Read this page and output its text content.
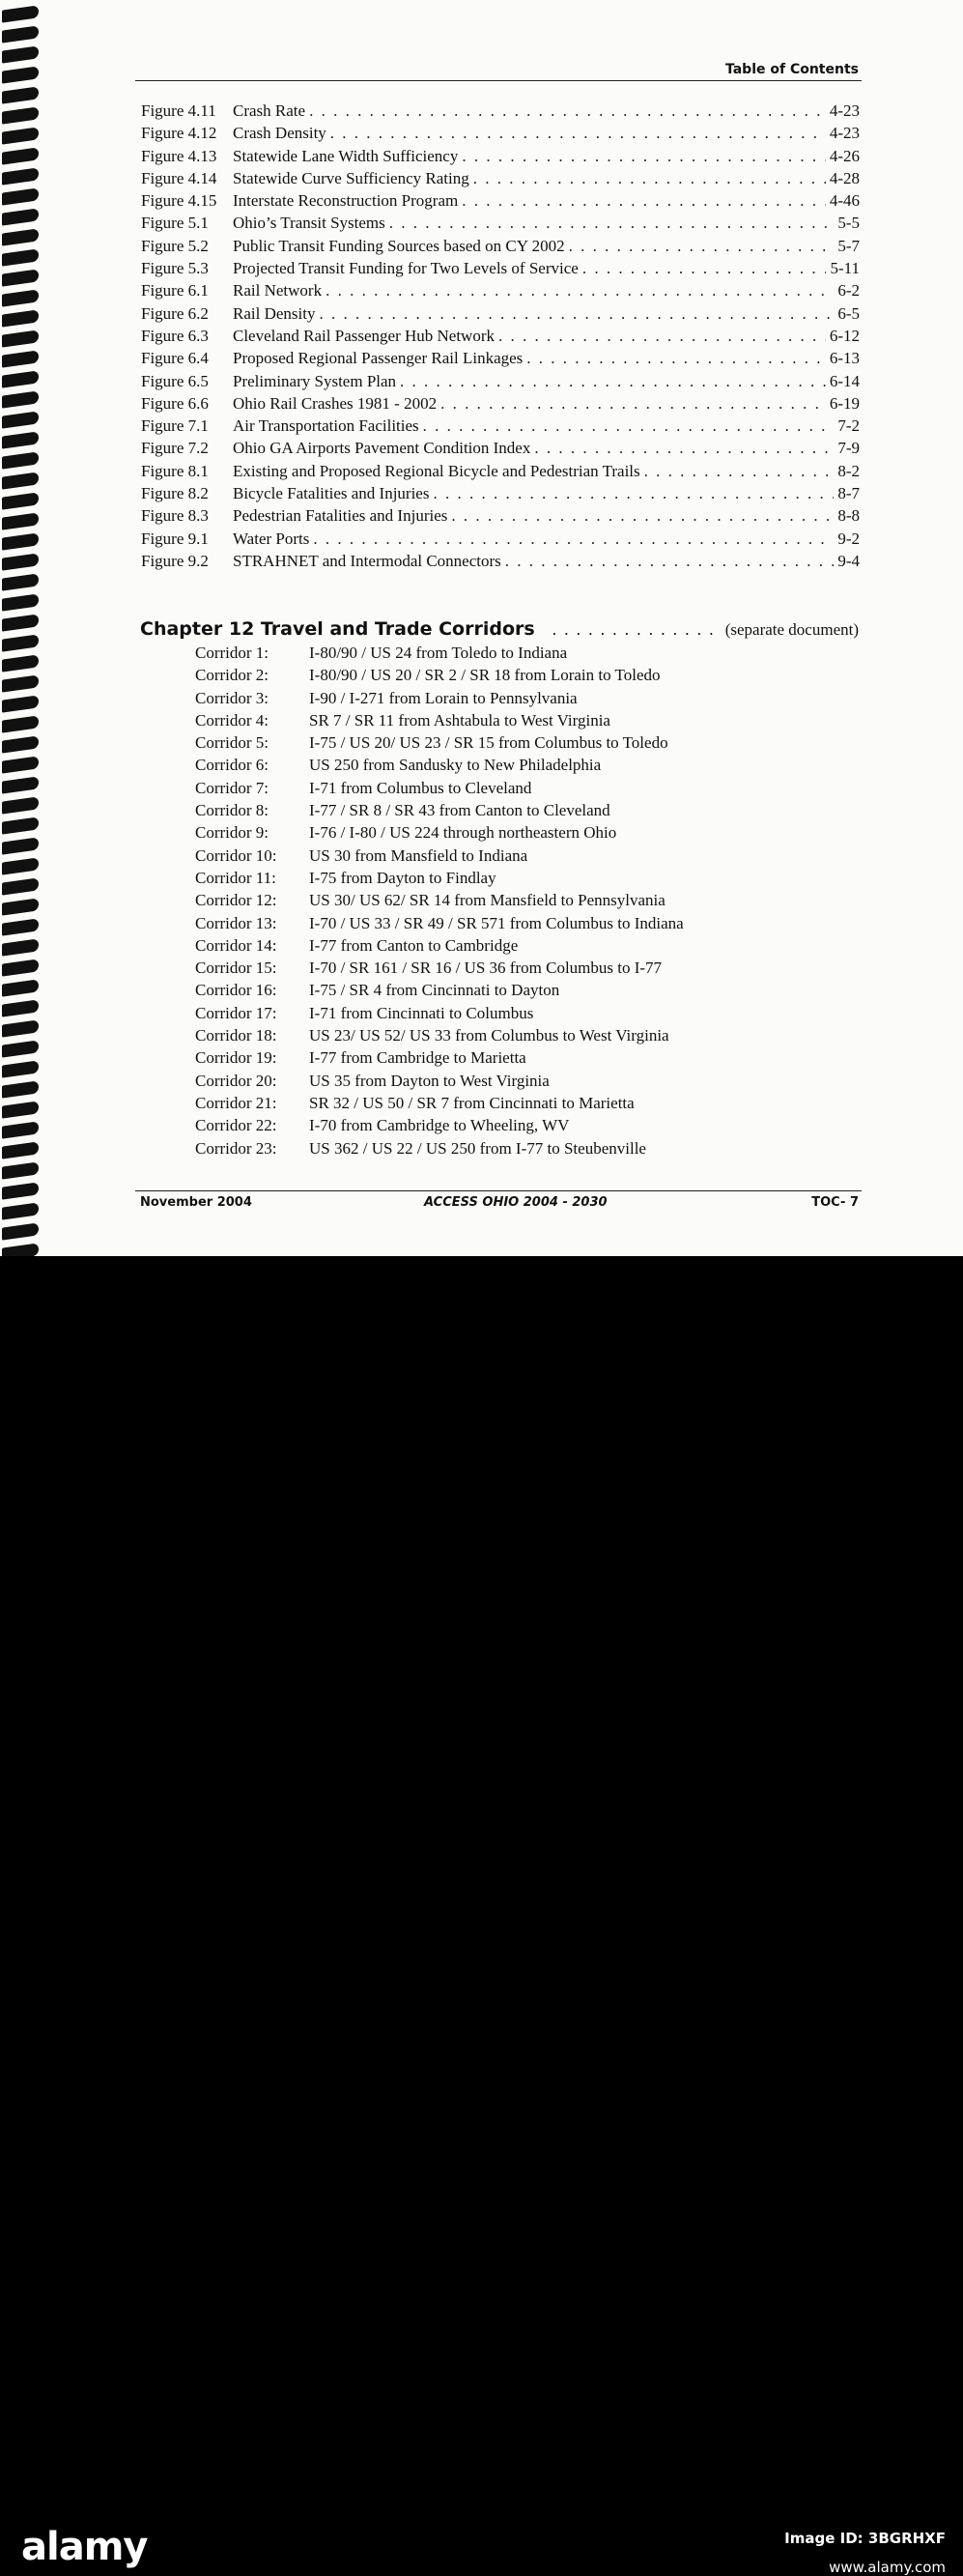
Table of Contents
Figure 4.11	Crash Rate . . .	4-23
Figure 4.12 Crash Density . . .	4-23
Figure 4.13 Statewide Lane Width Sufficiency . . .	4-26
Figure 4.14 Statewide Curve Sufficiency Rating . . .	4-28
Figure 4.15 Interstate Reconstruction Program . . .	4-46
Figure 5.1	Ohio’s Transit Systems . . .	5-5
Figure 5.2	Public Transit Funding Sources based on CY 2002 . . .	5-7
Figure 5.3	Projected Transit Funding for Two Levels of Service . . .	5-11
Figure 6.1	Rail Network . . .	6-2
Figure 6.2	Rail Density . . .	6-5
Figure 6.3	Cleveland Rail Passenger Hub Network . . .	6-12
Figure 6.4	Proposed Regional Passenger Rail Linkages . . .	6-13
Figure 6.5	Preliminary System Plan . . .	6-14
Figure 6.6	Ohio Rail Crashes 1981 - 2002 . . .	6-19
Figure 7.1	Air Transportation Facilities . . .	7-2
Figure 7.2	Ohio GA Airports Pavement Condition Index . . .	7-9
Figure 8.1	Existing and Proposed Regional Bicycle and Pedestrian Trails . . .	8-2
Figure 8.2	Bicycle Fatalities and Injuries . . .	8-7
Figure 8.3	Pedestrian Fatalities and Injuries . . .	8-8
Figure 9.1	Water Ports . . .	9-2
Figure 9.2	STRAHNET and Intermodal Connectors . . .	9-4
Chapter 12 Travel and Trade Corridors . . .	(separate document)
Corridor 1:	I-80/90 / US 24 from Toledo to Indiana
Corridor 2:	I-80/90 / US 20 / SR 2 / SR 18 from Lorain to Toledo
Corridor 3:	I-90 / I-271 from Lorain to Pennsylvania
Corridor 4:	SR 7 / SR 11 from Ashtabula to West Virginia
Corridor 5:	I-75 / US 20/ US 23 / SR 15 from Columbus to Toledo
Corridor 6:	US 250 from Sandusky to New Philadelphia
Corridor 7:	I-71 from Columbus to Cleveland
Corridor 8:	I-77 / SR 8 / SR 43 from Canton to Cleveland
Corridor 9:	I-76 / I-80 / US 224 through northeastern Ohio
Corridor 10:	US 30 from Mansfield to Indiana
Corridor 11:	I-75 from Dayton to Findlay
Corridor 12:	US 30/ US 62/ SR 14 from Mansfield to Pennsylvania
Corridor 13:	I-70 / US 33 / SR 49 / SR 571 from Columbus to Indiana
Corridor 14:	I-77 from Canton to Cambridge
Corridor 15:	I-70 / SR 161 / SR 16 / US 36 from Columbus to I-77
Corridor 16:	I-75 / SR 4 from Cincinnati to Dayton
Corridor 17:	I-71 from Cincinnati to Columbus
Corridor 18:	US 23/ US 52/ US 33 from Columbus to West Virginia
Corridor 19:	I-77 from Cambridge to Marietta
Corridor 20:	US 35 from Dayton to West Virginia
Corridor 21:	SR 32 / US 50 / SR 7 from Cincinnati to Marietta
Corridor 22:	I-70 from Cambridge to Wheeling, WV
Corridor 23:	US 362 / US 22 / US 250 from I-77 to Steubenville
November 2004	ACCESS OHIO 2004 - 2030	TOC- 7
alamy	Image ID: 3BGRHXF
www.alamy.com
